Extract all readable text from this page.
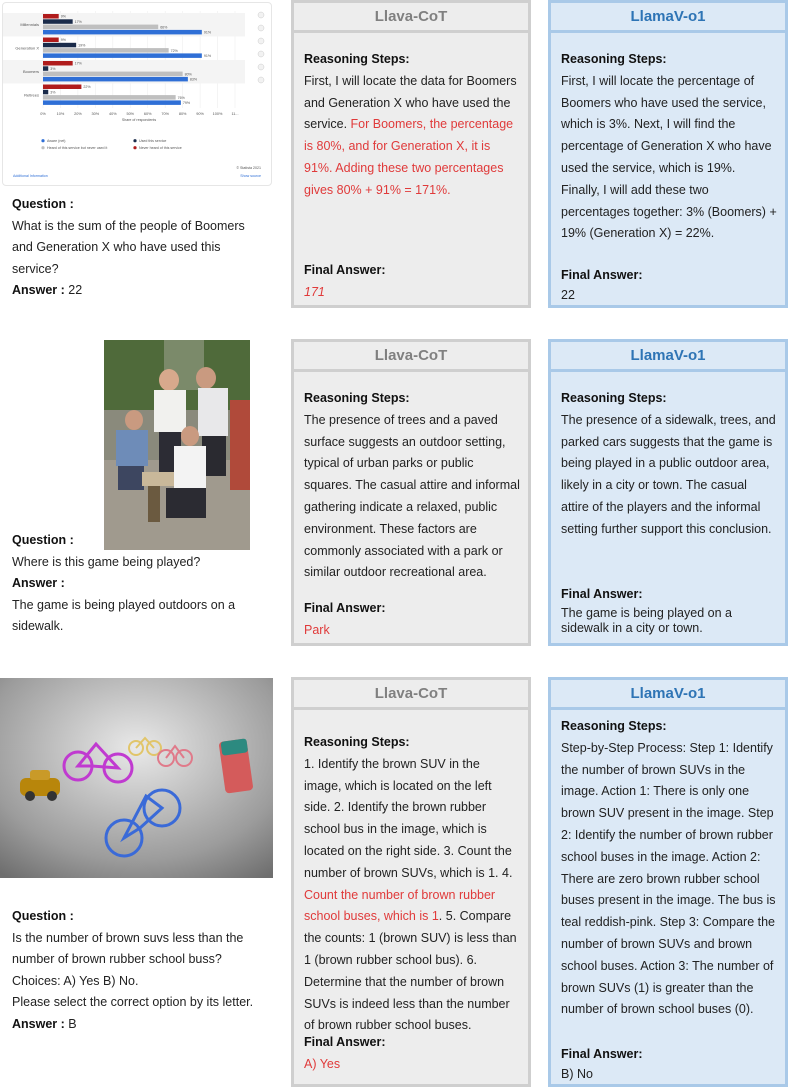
0%	10%	20%	30%	40%	50%	60%	70%	80%	90% 100% 11...
Share of respondents
Millennials
9%
17%
66%
91%
Generation X
9%
19%
72%
91%
Boomers
17%
3%
80%
83%
Retirees
22%
3%
76%
79%
Aware (net)	Used this service
Heard of this service but never used it	Never heard of this service
© Statista 2021
Show source
Additional Information
Question :
What is the sum of the people of Boomers and Generation X who have used this service?
Answer : 22
Llava-CoT
Reasoning Steps:
First, I will locate the data for Boomers and Generation X who have used the service. For Boomers, the percentage is 80%, and for Generation X, it is 91%. Adding these two percentages gives 80% + 91% = 171%.
Final Answer:
171
LlamaV-o1
Reasoning Steps:
First, I will locate the percentage of Boomers who have used the service, which is 3%. Next, I will find the percentage of Generation X who have used the service, which is 19%. Finally, I will add these two percentages together: 3% (Boomers) + 19% (Generation X) = 22%.
Final Answer:
22
Question :
Where is this game being played?
Answer :
The game is being played outdoors on a sidewalk.
Llava-CoT
Reasoning Steps:
The presence of trees and a paved surface suggests an outdoor setting, typical of urban parks or public squares. The casual attire and informal gathering indicate a relaxed, public environment. These factors are commonly associated with a park or similar outdoor recreational area.
Final Answer:
Park
LlamaV-o1
Reasoning Steps:
The presence of a sidewalk, trees, and parked cars suggests that the game is being played in a public outdoor area, likely in a city or town. The casual attire of the players and the informal setting further support this conclusion.
Final Answer:
The game is being played on a sidewalk in a city or town.
Question :
Is the number of brown suvs less than the number of brown rubber school buss?
Choices: A) Yes B) No.
Please select the correct option by its letter.
Answer : B
Llava-CoT
Reasoning Steps:
1. Identify the brown SUV in the image, which is located on the left side. 2. Identify the brown rubber school bus in the image, which is located on the right side. 3. Count the number of brown SUVs, which is 1. 4. Count the number of brown rubber school buses, which is 1. 5. Compare the counts: 1 (brown SUV) is less than 1 (brown rubber school bus). 6. Determine that the number of brown SUVs is indeed less than the number of brown rubber school buses.
Final Answer:
A) Yes
LlamaV-o1
Reasoning Steps:
Step-by-Step Process: Step 1: Identify the number of brown SUVs in the image. Action 1: There is only one brown SUV present in the image. Step 2: Identify the number of brown rubber school buses in the image. Action 2: There are zero brown rubber school buses present in the image. The bus is teal reddish-pink. Step 3: Compare the number of brown SUVs and brown school buses. Action 3: The number of brown SUVs (1) is greater than the number of brown school buses (0).
Final Answer:
B) No
